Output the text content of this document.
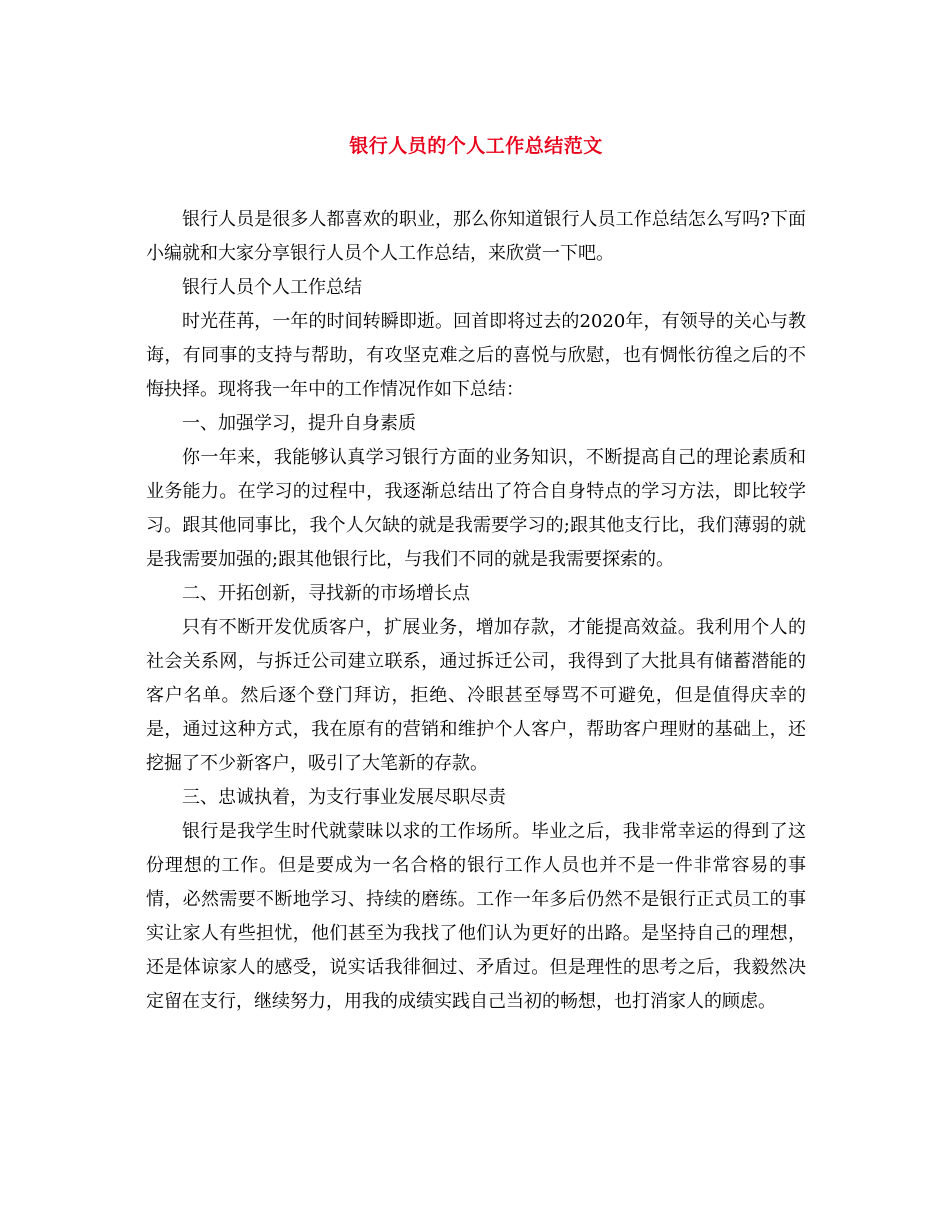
银行人员的个人工作总结范文

银行人员是很多人都喜欢的职业，那么你知道银行人员工作总结怎么写吗?下面小编就和大家分享银行人员个人工作总结，来欣赏一下吧。

银行人员个人工作总结

时光荏苒，一年的时间转瞬即逝。回首即将过去的2020年，有领导的关心与教诲，有同事的支持与帮助，有攻坚克难之后的喜悦与欣慰，也有惆怅彷徨之后的不悔抉择。现将我一年中的工作情况作如下总结：

一、加强学习，提升自身素质

你一年来，我能够认真学习银行方面的业务知识，不断提高自己的理论素质和业务能力。在学习的过程中，我逐渐总结出了符合自身特点的学习方法，即比较学习。跟其他同事比，我个人欠缺的就是我需要学习的;跟其他支行比，我们薄弱的就是我需要加强的;跟其他银行比，与我们不同的就是我需要探索的。

二、开拓创新，寻找新的市场增长点

只有不断开发优质客户，扩展业务，增加存款，才能提高效益。我利用个人的社会关系网，与拆迁公司建立联系，通过拆迁公司，我得到了大批具有储蓄潜能的客户名单。然后逐个登门拜访，拒绝、冷眼甚至辱骂不可避免，但是值得庆幸的是，通过这种方式，我在原有的营销和维护个人客户，帮助客户理财的基础上，还挖掘了不少新客户，吸引了大笔新的存款。

三、忠诚执着，为支行事业发展尽职尽责

银行是我学生时代就蒙昧以求的工作场所。毕业之后，我非常幸运的得到了这份理想的工作。但是要成为一名合格的银行工作人员也并不是一件非常容易的事情，必然需要不断地学习、持续的磨练。工作一年多后仍然不是银行正式员工的事实让家人有些担忧，他们甚至为我找了他们认为更好的出路。是坚持自己的理想，还是体谅家人的感受，说实话我徘徊过、矛盾过。但是理性的思考之后，我毅然决定留在支行，继续努力，用我的成绩实践自己当初的畅想，也打消家人的顾虑。
